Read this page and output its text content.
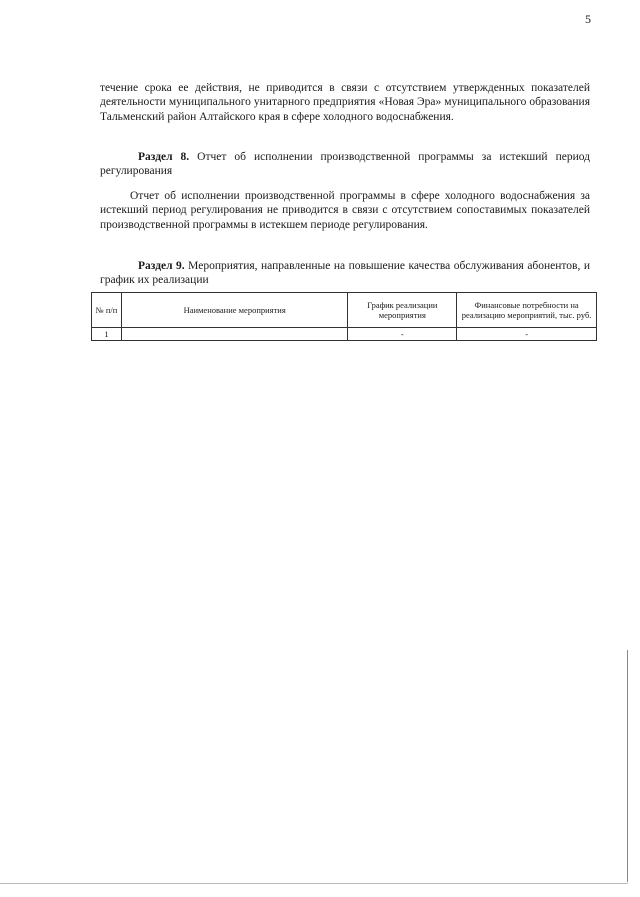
5

течение срока ее действия, не приводится в связи с отсутствием утвержденных показателей деятельности муниципального унитарного предприятия «Новая Эра» муниципального образования Тальменский район Алтайского края в сфере холодного водоснабжения.

Раздел 8. Отчет об исполнении производственной программы за истекший период регулирования

Отчет об исполнении производственной программы в сфере холодного водоснабжения за истекший период регулирования не приводится в связи с отсутствием сопоставимых показателей производственной программы в истекшем периоде регулирования.

Раздел 9. Мероприятия, направленные на повышение качества обслуживания абонентов, и график их реализации

№ п/п	Наименование мероприятия	График реализации мероприятия	Финансовые потребности на реализацию мероприятий, тыс. руб.
1		-	-
